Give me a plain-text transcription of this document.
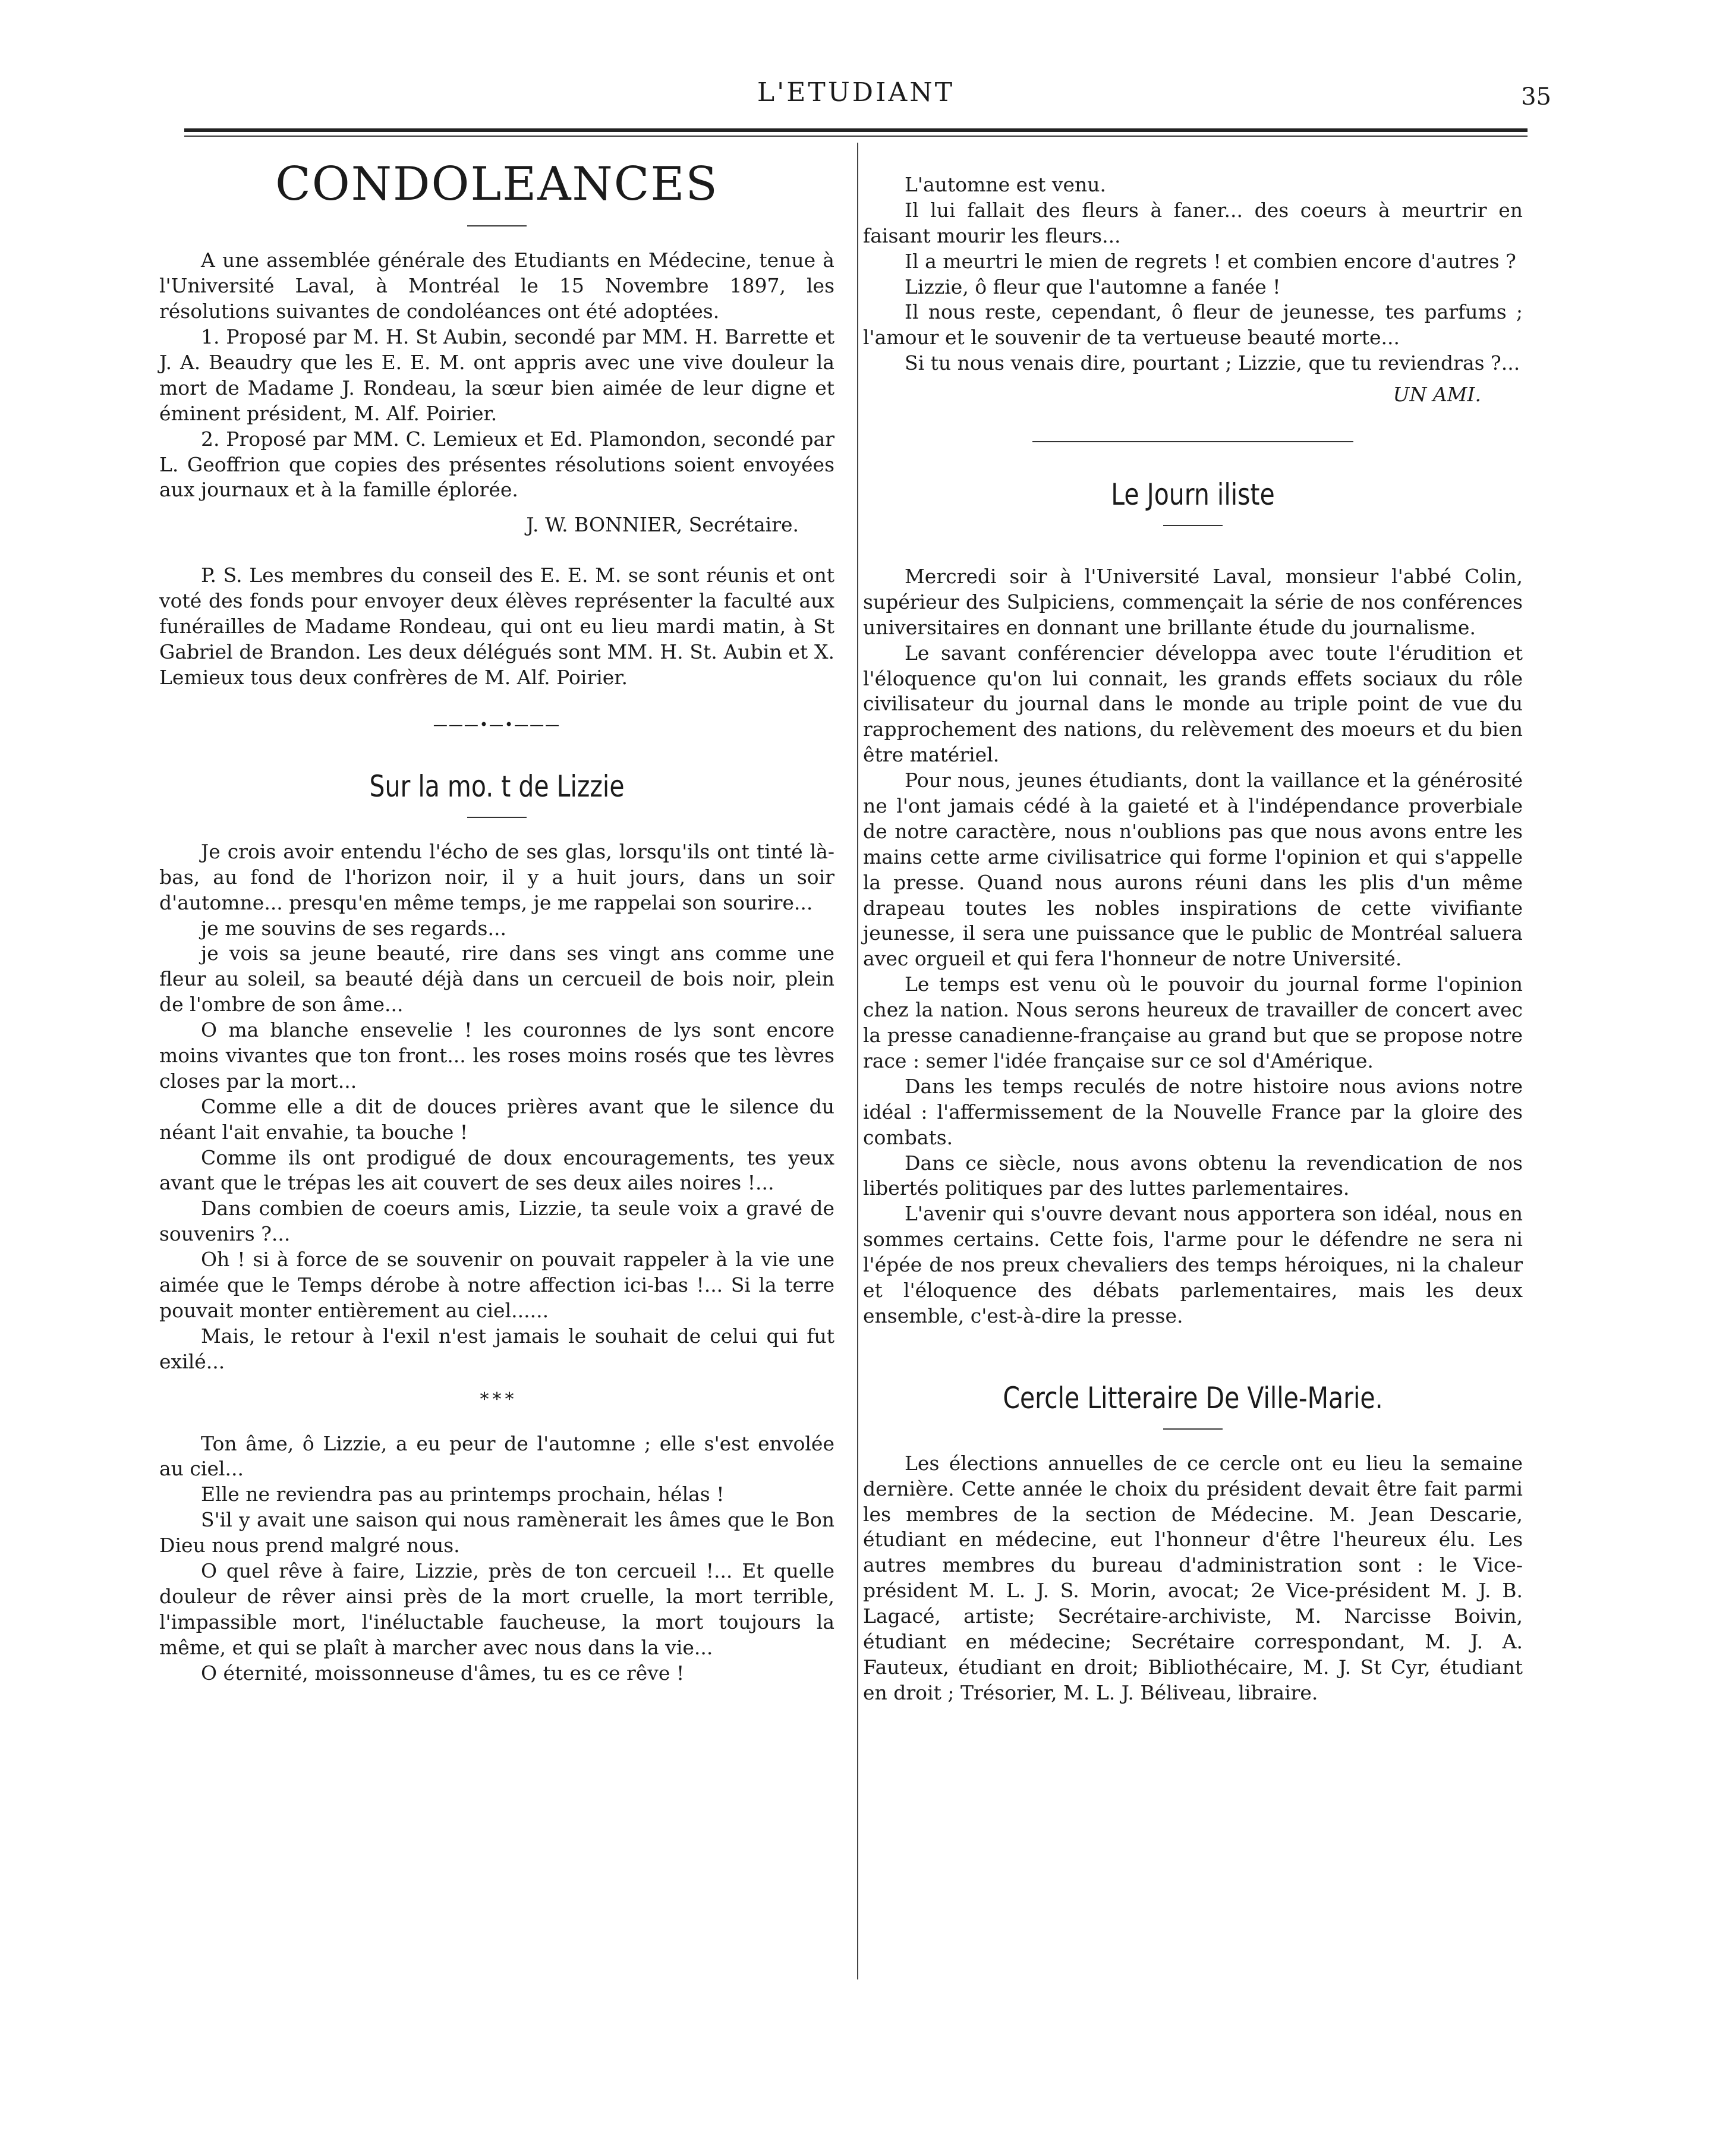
L'ETUDIANT	35
CONDOLEANCES

A une assemblée générale des Etudiants en Médecine, tenue à l'Université Laval, à Montréal le 15 Novembre 1897, les résolutions suivantes de condoléances ont été adoptées.

1. Proposé par M. H. St Aubin, secondé par MM. H. Barrette et J. A. Beaudry que les E. E. M. ont appris avec une vive douleur la mort de Madame J. Rondeau, la sœur bien aimée de leur digne et éminent président, M. Alf. Poirier.

2. Proposé par MM. C. Lemieux et Ed. Plamondon, secondé par L. Geoffrion que copies des présentes résolutions soient envoyées aux journaux et à la famille éplorée.

J. W. BONNIER, Secrétaire.

P. S. Les membres du conseil des E. E. M. se sont réunis et ont voté des fonds pour envoyer deux élèves représenter la faculté aux funérailles de Madame Rondeau, qui ont eu lieu mardi matin, à St Gabriel de Brandon. Les deux délégués sont MM. H. St. Aubin et X. Lemieux tous deux confrères de M. Alf. Poirier.

———•—•———
Sur la mo. t de Lizzie

Je crois avoir entendu l'écho de ses glas, lorsqu'ils ont tinté là-bas, au fond de l'horizon noir, il y a huit jours, dans un soir d'automne... presqu'en même temps, je me rappelai son sourire...

je me souvins de ses regards...

je vois sa jeune beauté, rire dans ses vingt ans comme une fleur au soleil, sa beauté déjà dans un cercueil de bois noir, plein de l'ombre de son âme...

O ma blanche ensevelie ! les couronnes de lys sont encore moins vivantes que ton front... les roses moins rosés que tes lèvres closes par la mort...

Comme elle a dit de douces prières avant que le silence du néant l'ait envahie, ta bouche !

Comme ils ont prodigué de doux encouragements, tes yeux avant que le trépas les ait couvert de ses deux ailes noires !...

Dans combien de coeurs amis, Lizzie, ta seule voix a gravé de souvenirs ?...

Oh ! si à force de se souvenir on pouvait rappeler à la vie une aimée que le Temps dérobe à notre affection ici-bas !... Si la terre pouvait monter entièrement au ciel......

Mais, le retour à l'exil n'est jamais le souhait de celui qui fut exilé...

* * *

Ton âme, ô Lizzie, a eu peur de l'automne ; elle s'est envolée au ciel...

Elle ne reviendra pas au printemps prochain, hélas !

S'il y avait une saison qui nous ramènerait les âmes que le Bon Dieu nous prend malgré nous.

O quel rêve à faire, Lizzie, près de ton cercueil !... Et quelle douleur de rêver ainsi près de la mort cruelle, la mort terrible, l'impassible mort, l'inéluctable faucheuse, la mort toujours la même, et qui se plaît à marcher avec nous dans la vie...

O éternité, moissonneuse d'âmes, tu es ce rêve !

L'automne est venu.

Il lui fallait des fleurs à faner... des coeurs à meurtrir en faisant mourir les fleurs...

Il a meurtri le mien de regrets ! et combien encore d'autres ?

Lizzie, ô fleur que l'automne a fanée !

Il nous reste, cependant, ô fleur de jeunesse, tes parfums ; l'amour et le souvenir de ta vertueuse beauté morte...

Si tu nous venais dire, pourtant ; Lizzie, que tu reviendras ?...

UN AMI.
Le Journ iliste

Mercredi soir à l'Université Laval, monsieur l'abbé Colin, supérieur des Sulpiciens, commençait la série de nos conférences universitaires en donnant une brillante étude du journalisme.

Le savant conférencier développa avec toute l'érudition et l'éloquence qu'on lui connait, les grands effets sociaux du rôle civilisateur du journal dans le monde au triple point de vue du rapprochement des nations, du relèvement des moeurs et du bien être matériel.

Pour nous, jeunes étudiants, dont la vaillance et la générosité ne l'ont jamais cédé à la gaieté et à l'indépendance proverbiale de notre caractère, nous n'oublions pas que nous avons entre les mains cette arme civilisatrice qui forme l'opinion et qui s'appelle la presse. Quand nous aurons réuni dans les plis d'un même drapeau toutes les nobles inspirations de cette vivifiante jeunesse, il sera une puissance que le public de Montréal saluera avec orgueil et qui fera l'honneur de notre Université.

Le temps est venu où le pouvoir du journal forme l'opinion chez la nation. Nous serons heureux de travailler de concert avec la presse canadienne-française au grand but que se propose notre race : semer l'idée française sur ce sol d'Amérique.

Dans les temps reculés de notre histoire nous avions notre idéal : l'affermissement de la Nouvelle France par la gloire des combats.

Dans ce siècle, nous avons obtenu la revendication de nos libertés politiques par des luttes parlementaires.

L'avenir qui s'ouvre devant nous apportera son idéal, nous en sommes certains. Cette fois, l'arme pour le défendre ne sera ni l'épée de nos preux chevaliers des temps héroiques, ni la chaleur et l'éloquence des débats parlementaires, mais les deux ensemble, c'est-à-dire la presse.

Cercle Litteraire De Ville-Marie.

Les élections annuelles de ce cercle ont eu lieu la semaine dernière. Cette année le choix du président devait être fait parmi les membres de la section de Médecine. M. Jean Descarie, étudiant en médecine, eut l'honneur d'être l'heureux élu. Les autres membres du bureau d'administration sont : le Vice-président M. L. J. S. Morin, avocat; 2e Vice-président M. J. B. Lagacé, artiste; Secrétaire-archiviste, M. Narcisse Boivin, étudiant en médecine; Secrétaire correspondant, M. J. A. Fauteux, étudiant en droit; Bibliothécaire, M. J. St Cyr, étudiant en droit ; Trésorier, M. L. J. Béliveau, libraire.
